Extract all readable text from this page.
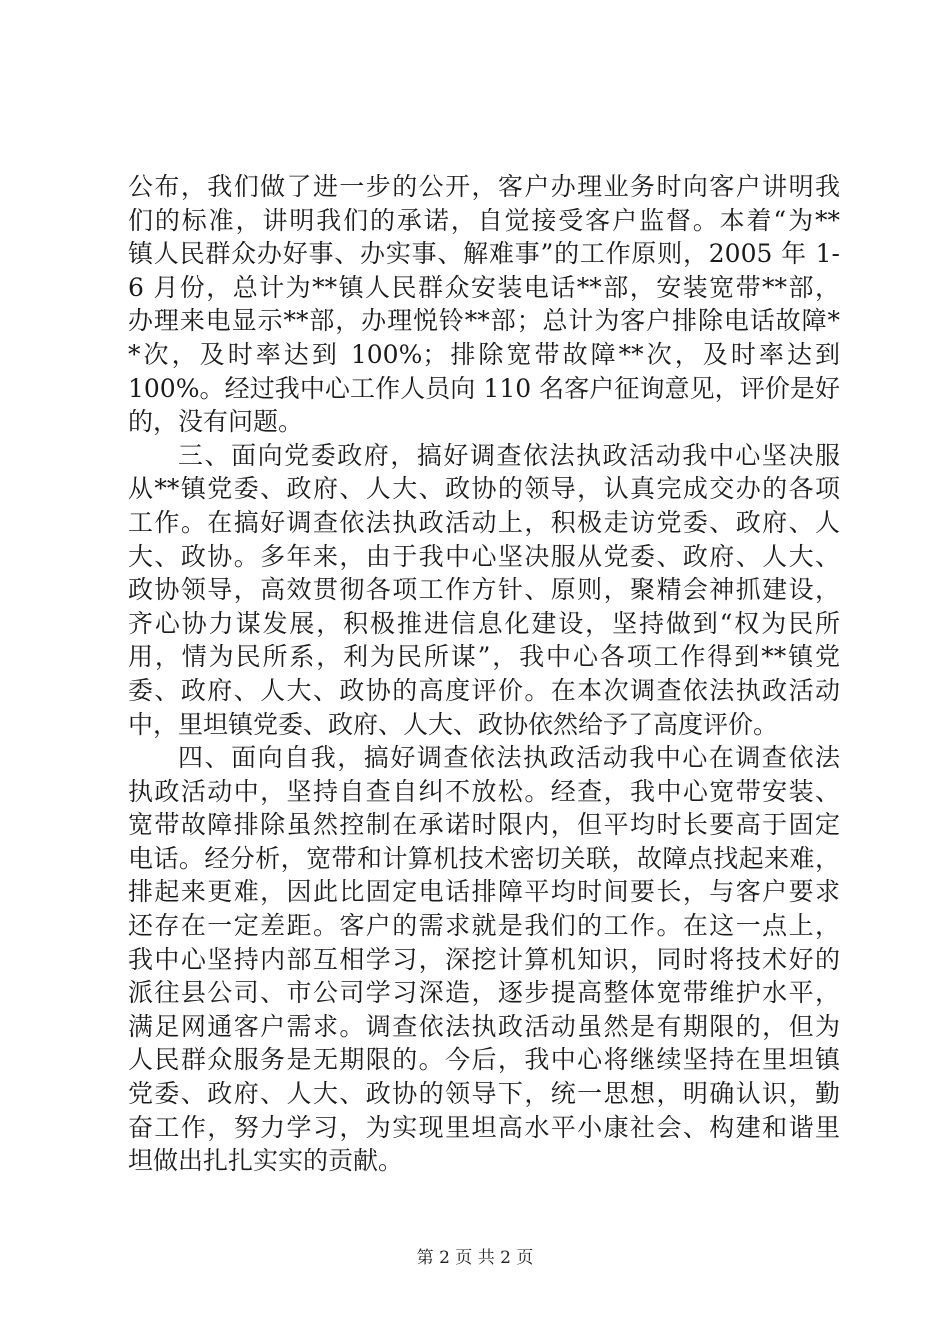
公布，我们做了进一步的公开，客户办理业务时向客户讲明我
们的标准，讲明我们的承诺，自觉接受客户监督。本着“为**
镇人民群众办好事、办实事、解难事”的工作原则，2005 年 1-
6 月份，总计为**镇人民群众安装电话**部，安装宽带**部，
办理来电显示**部，办理悦铃**部；总计为客户排除电话故障*
*次，及时率达到 100%；排除宽带故障**次，及时率达到
100%。经过我中心工作人员向 110 名客户征询意见，评价是好
的，没有问题。
三、面向党委政府，搞好调查依法执政活动我中心坚决服
从**镇党委、政府、人大、政协的领导，认真完成交办的各项
工作。在搞好调查依法执政活动上，积极走访党委、政府、人
大、政协。多年来，由于我中心坚决服从党委、政府、人大、
政协领导，高效贯彻各项工作方针、原则，聚精会神抓建设，
齐心协力谋发展，积极推进信息化建设，坚持做到“权为民所
用，情为民所系，利为民所谋”，我中心各项工作得到**镇党
委、政府、人大、政协的高度评价。在本次调查依法执政活动
中，里坦镇党委、政府、人大、政协依然给予了高度评价。
四、面向自我，搞好调查依法执政活动我中心在调查依法
执政活动中，坚持自查自纠不放松。经查，我中心宽带安装、
宽带故障排除虽然控制在承诺时限内，但平均时长要高于固定
电话。经分析，宽带和计算机技术密切关联，故障点找起来难，
排起来更难，因此比固定电话排障平均时间要长，与客户要求
还存在一定差距。客户的需求就是我们的工作。在这一点上，
我中心坚持内部互相学习，深挖计算机知识，同时将技术好的
派往县公司、市公司学习深造，逐步提高整体宽带维护水平，
满足网通客户需求。调查依法执政活动虽然是有期限的，但为
人民群众服务是无期限的。今后，我中心将继续坚持在里坦镇
党委、政府、人大、政协的领导下，统一思想，明确认识，勤
奋工作，努力学习，为实现里坦高水平小康社会、构建和谐里
坦做出扎扎实实的贡献。
第 2 页 共 2 页
